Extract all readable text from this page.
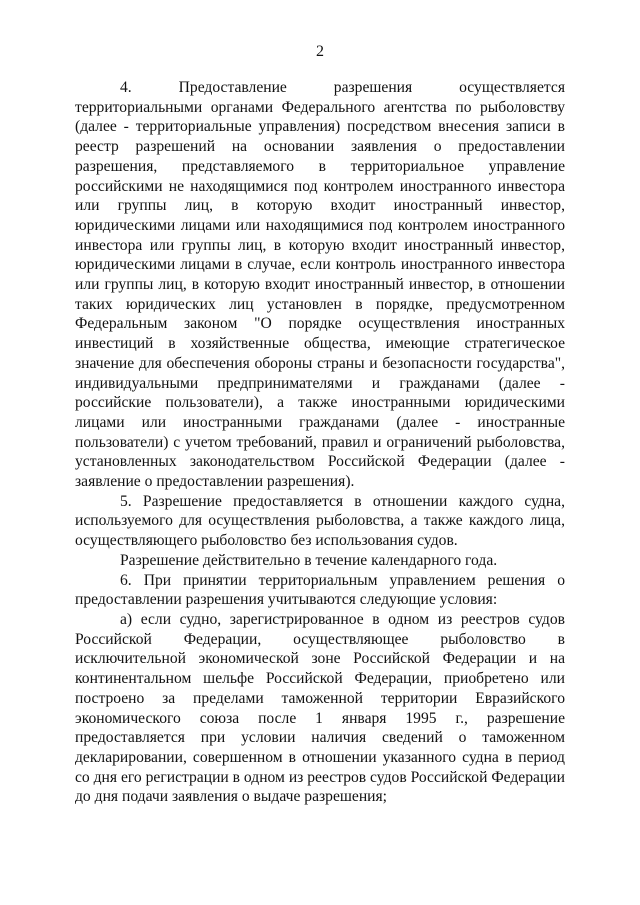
2

4. Предоставление разрешения осуществляется территориальными органами Федерального агентства по рыболовству (далее - территориальные управления) посредством внесения записи в реестр разрешений на основании заявления о предоставлении разрешения, представляемого в территориальное управление российскими не находящимися под контролем иностранного инвестора или группы лиц, в которую входит иностранный инвестор, юридическими лицами или находящимися под контролем иностранного инвестора или группы лиц, в которую входит иностранный инвестор, юридическими лицами в случае, если контроль иностранного инвестора или группы лиц, в которую входит иностранный инвестор, в отношении таких юридических лиц установлен в порядке, предусмотренном Федеральным законом "О порядке осуществления иностранных инвестиций в хозяйственные общества, имеющие стратегическое значение для обеспечения обороны страны и безопасности государства", индивидуальными предпринимателями и гражданами (далее - российские пользователи), а также иностранными юридическими лицами или иностранными гражданами (далее - иностранные пользователи) с учетом требований, правил и ограничений рыболовства, установленных законодательством Российской Федерации (далее - заявление о предоставлении разрешения).

5. Разрешение предоставляется в отношении каждого судна, используемого для осуществления рыболовства, а также каждого лица, осуществляющего рыболовство без использования судов.

Разрешение действительно в течение календарного года.

6. При принятии территориальным управлением решения о предоставлении разрешения учитываются следующие условия:

а) если судно, зарегистрированное в одном из реестров судов Российской Федерации, осуществляющее рыболовство в исключительной экономической зоне Российской Федерации и на континентальном шельфе Российской Федерации, приобретено или построено за пределами таможенной территории Евразийского экономического союза после 1 января 1995 г., разрешение предоставляется при условии наличия сведений о таможенном декларировании, совершенном в отношении указанного судна в период со дня его регистрации в одном из реестров судов Российской Федерации до дня подачи заявления о выдаче разрешения;
